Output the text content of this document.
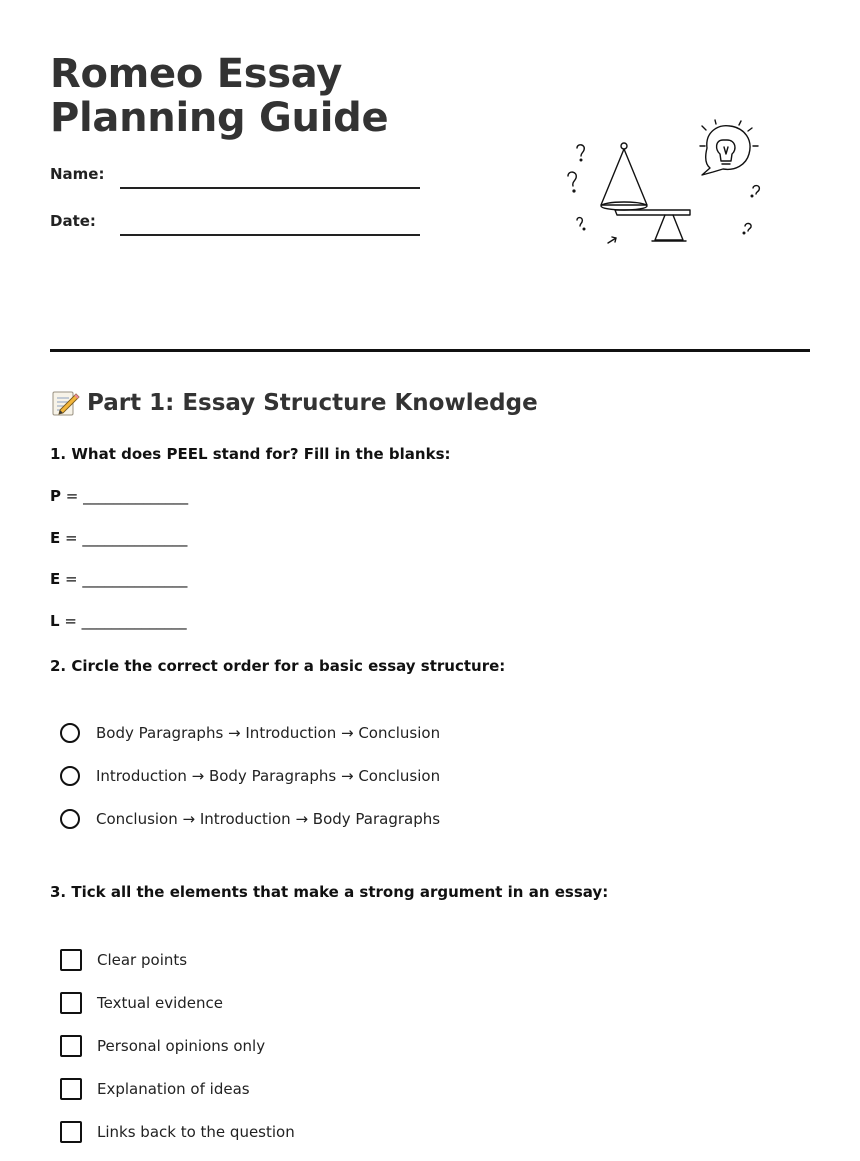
Romeo Essay Planning Guide
Name:
Date:
Part 1: Essay Structure Knowledge
1. What does PEEL stand for? Fill in the blanks:
P = ______________
E = ______________
E = ______________
L = ______________
2. Circle the correct order for a basic essay structure:
Body Paragraphs → Introduction → Conclusion
Introduction → Body Paragraphs → Conclusion
Conclusion → Introduction → Body Paragraphs
3. Tick all the elements that make a strong argument in an essay:
Clear points
Textual evidence
Personal opinions only
Explanation of ideas
Links back to the question
